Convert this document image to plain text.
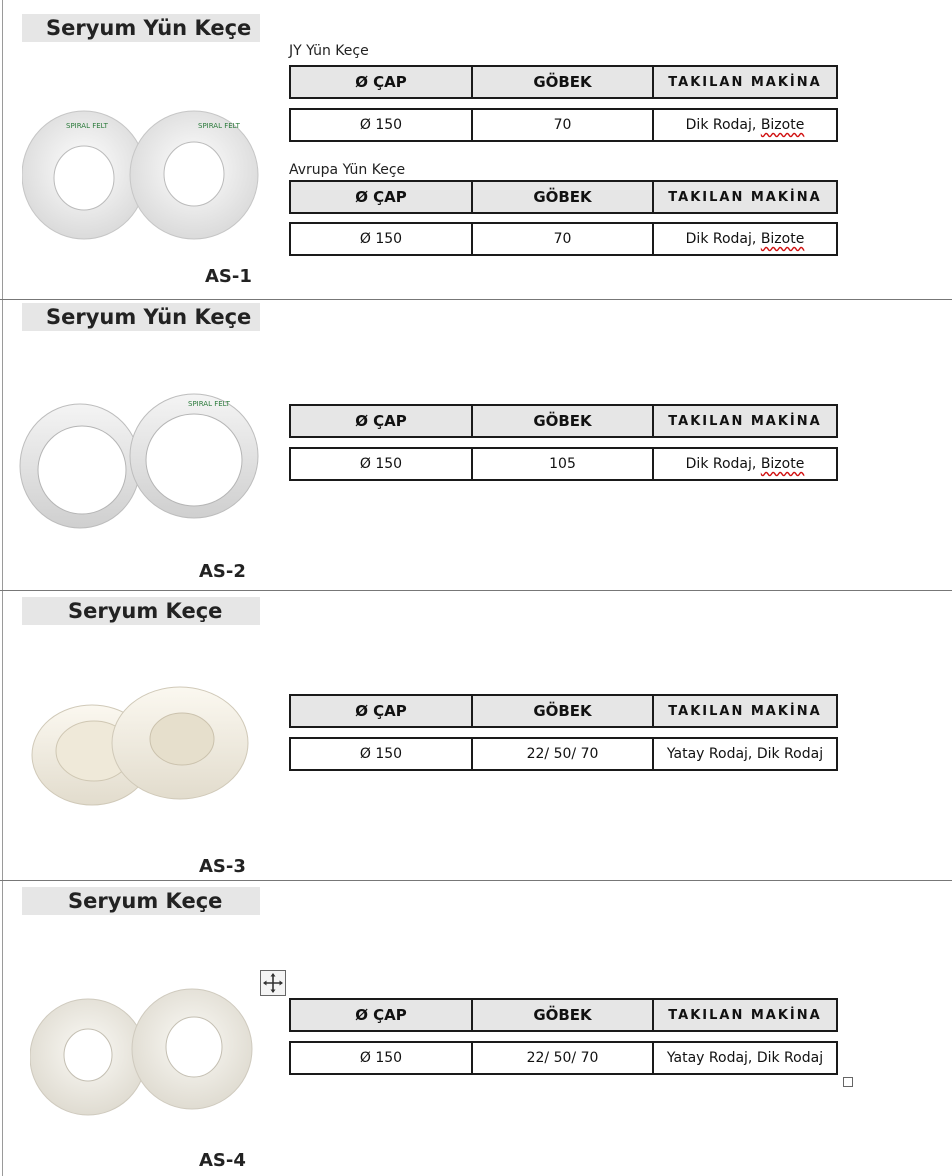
Seryum Yün Keçe
SPIRAL FELT	SPIRAL FELT
AS-1
JY Yün Keçe
Ø ÇAP	GÖBEK	TAKILAN MAKİNA
Ø 150	70	Dik Rodaj, Bizote
Avrupa Yün Keçe
Ø ÇAP	GÖBEK	TAKILAN MAKİNA
Ø 150	70	Dik Rodaj, Bizote
Seryum Yün Keçe
SPIRAL FELT
AS-2
Ø ÇAP	GÖBEK	TAKILAN MAKİNA
Ø 150	105	Dik Rodaj, Bizote
Seryum Keçe
AS-3
Ø ÇAP	GÖBEK	TAKILAN MAKİNA
Ø 150	22/ 50/ 70	Yatay Rodaj, Dik Rodaj
Seryum Keçe
AS-4
Ø ÇAP	GÖBEK	TAKILAN MAKİNA
Ø 150	22/ 50/ 70	Yatay Rodaj, Dik Rodaj
